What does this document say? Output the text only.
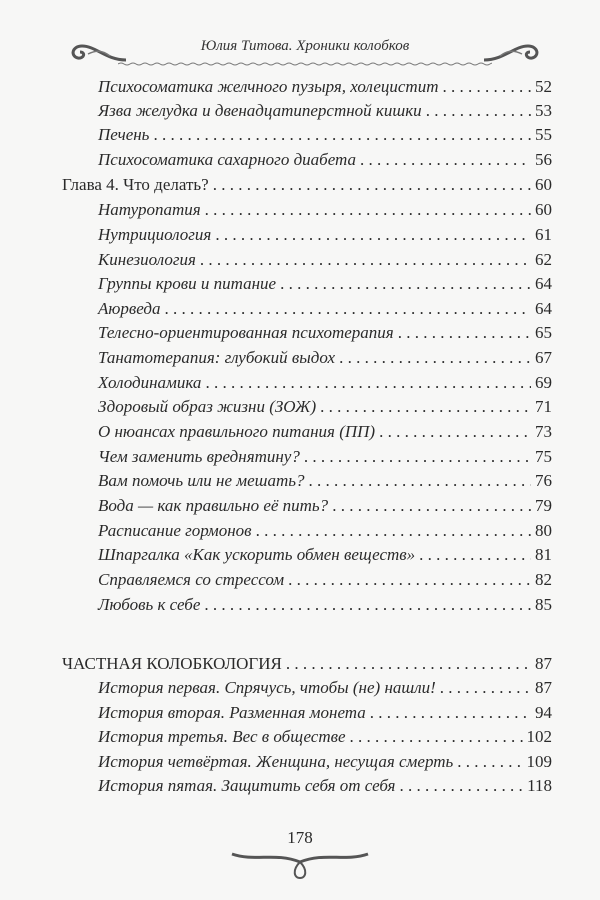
Юлия Титова. Хроники колобков
Психосоматика желчного пузыря, холецистит . . .	52
Язва желудка и двенадцатиперстной кишки . . .	53
Печень . . .	55
Психосоматика сахарного диабета . . .	56
Глава 4. Что делать? . . .	60
Натуропатия . . .	60
Нутрициология . . .	61
Кинезиология . . .	62
Группы крови и питание . . .	64
Аюрведа . . .	64
Телесно-ориентированная психотерапия . . .	65
Танатотерапия: глубокий выдох . . .	67
Холодинамика . . .	69
Здоровый образ жизни (ЗОЖ) . . .	71
О нюансах правильного питания (ПП) . . .	73
Чем заменить вреднятину? . . .	75
Вам помочь или не мешать? . . .	76
Вода — как правильно её пить? . . .	79
Расписание гормонов . . .	80
Шпаргалка «Как ускорить обмен веществ» . . .	81
Справляемся со стрессом . . .	82
Любовь к себе . . .	85
ЧАСТНАЯ КОЛОБКОЛОГИЯ . . .	87
История первая. Спрячусь, чтобы (не) нашли! . . .	87
История вторая. Разменная монета . . .	94
История третья. Вес в обществе . . .	102
История четвёртая. Женщина, несущая смерть . . .	109
История пятая. Защитить себя от себя . . .	118
178
